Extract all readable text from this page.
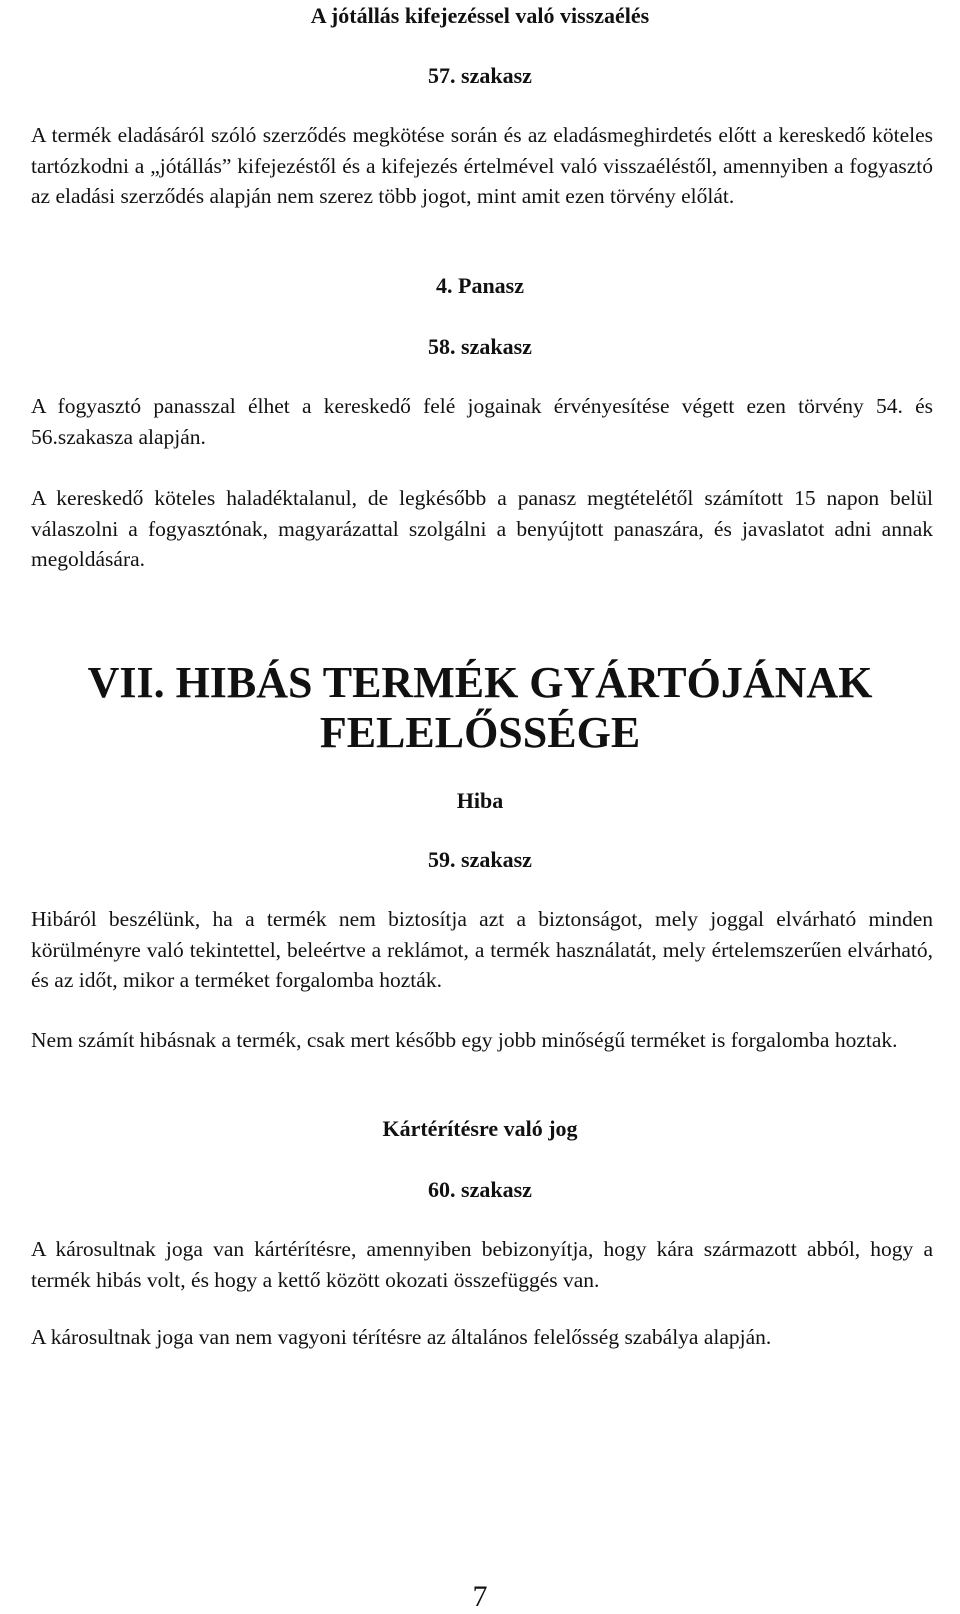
A jótállás kifejezéssel való visszaélés
57. szakasz
A termék eladásáról szóló szerződés megkötése során és az eladásmeghirdetés előtt a kereskedő köteles tartózkodni a „jótállás” kifejezéstől és a kifejezés értelmével való visszaéléstől, amennyiben a fogyasztó az eladási szerződés alapján nem szerez több jogot, mint amit ezen törvény előlát.
4. Panasz
58. szakasz
A fogyasztó panasszal élhet a kereskedő felé jogainak érvényesítése végett ezen törvény 54. és 56.szakasza alapján.
A kereskedő köteles haladéktalanul, de legkésőbb a panasz megtételétől számított 15 napon belül válaszolni a fogyasztónak, magyarázattal szolgálni a benyújtott panaszára, és javaslatot adni annak megoldására.
VII. HIBÁS TERMÉK GYÁRTÓJÁNAK
FELELŐSSÉGE
Hiba
59. szakasz
Hibáról beszélünk, ha a termék nem biztosítja azt a biztonságot, mely joggal elvárható minden körülményre való tekintettel, beleértve a reklámot, a termék használatát, mely értelemszerűen elvárható, és az időt, mikor a terméket forgalomba hozták.
Nem számít hibásnak a termék, csak mert később egy jobb minőségű terméket is forgalomba hoztak.
Kártérítésre való jog
60. szakasz
A károsultnak joga van kártérítésre, amennyiben bebizonyítja, hogy kára származott abból, hogy a termék hibás volt, és hogy a kettő között okozati összefüggés van.
A károsultnak joga van nem vagyoni térítésre az általános felelősség szabálya alapján.
7
